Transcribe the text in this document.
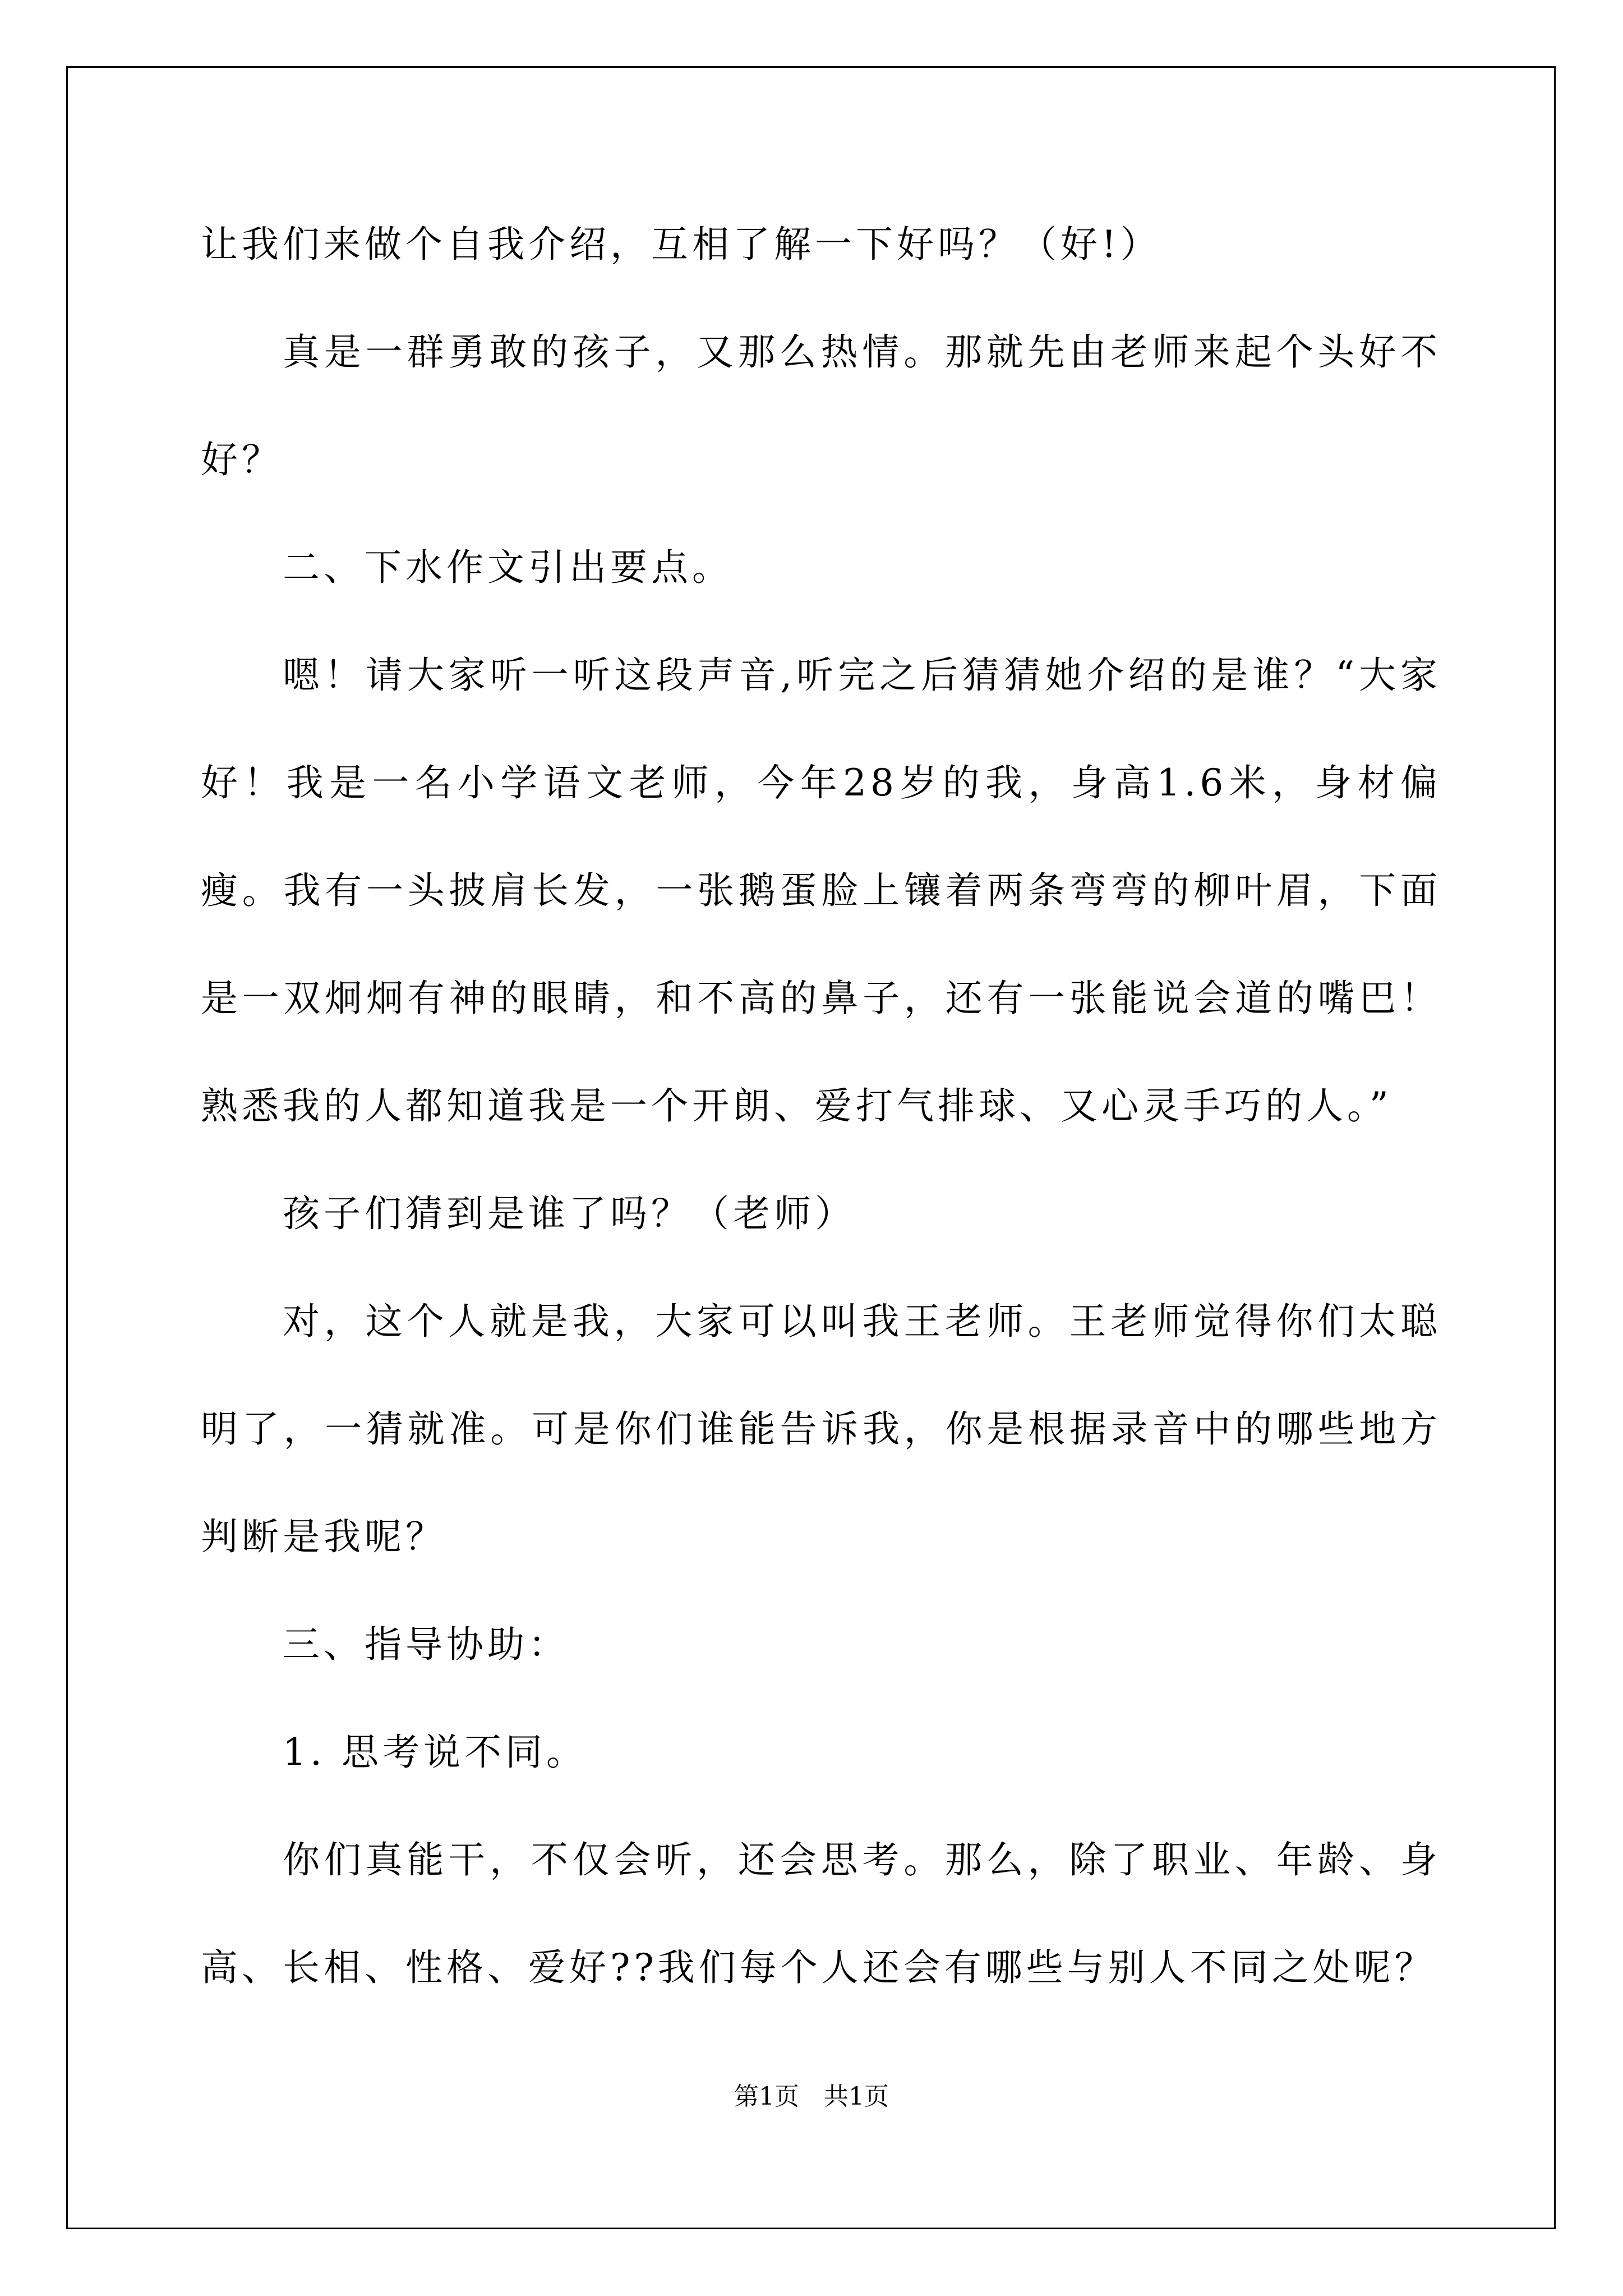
让我们来做个自我介绍，互相了解一下好吗？（好!）

真是一群勇敢的孩子，又那么热情。那就先由老师来起个头好不好？

二、下水作文引出要点。

嗯！请大家听一听这段声音,听完之后猜猜她介绍的是谁？“大家好！我是一名小学语文老师，今年28岁的我，身高1.6米，身材偏瘦。我有一头披肩长发，一张鹅蛋脸上镶着两条弯弯的柳叶眉，下面是一双炯炯有神的眼睛，和不高的鼻子，还有一张能说会道的嘴巴！熟悉我的人都知道我是一个开朗、爱打气排球、又心灵手巧的人。”

孩子们猜到是谁了吗？（老师）

对，这个人就是我，大家可以叫我王老师。王老师觉得你们太聪明了，一猜就准。可是你们谁能告诉我，你是根据录音中的哪些地方判断是我呢？

三、指导协助：

1. 思考说不同。

你们真能干，不仅会听，还会思考。那么，除了职业、年龄、身高、长相、性格、爱好??我们每个人还会有哪些与别人不同之处呢？

第1页　共1页
